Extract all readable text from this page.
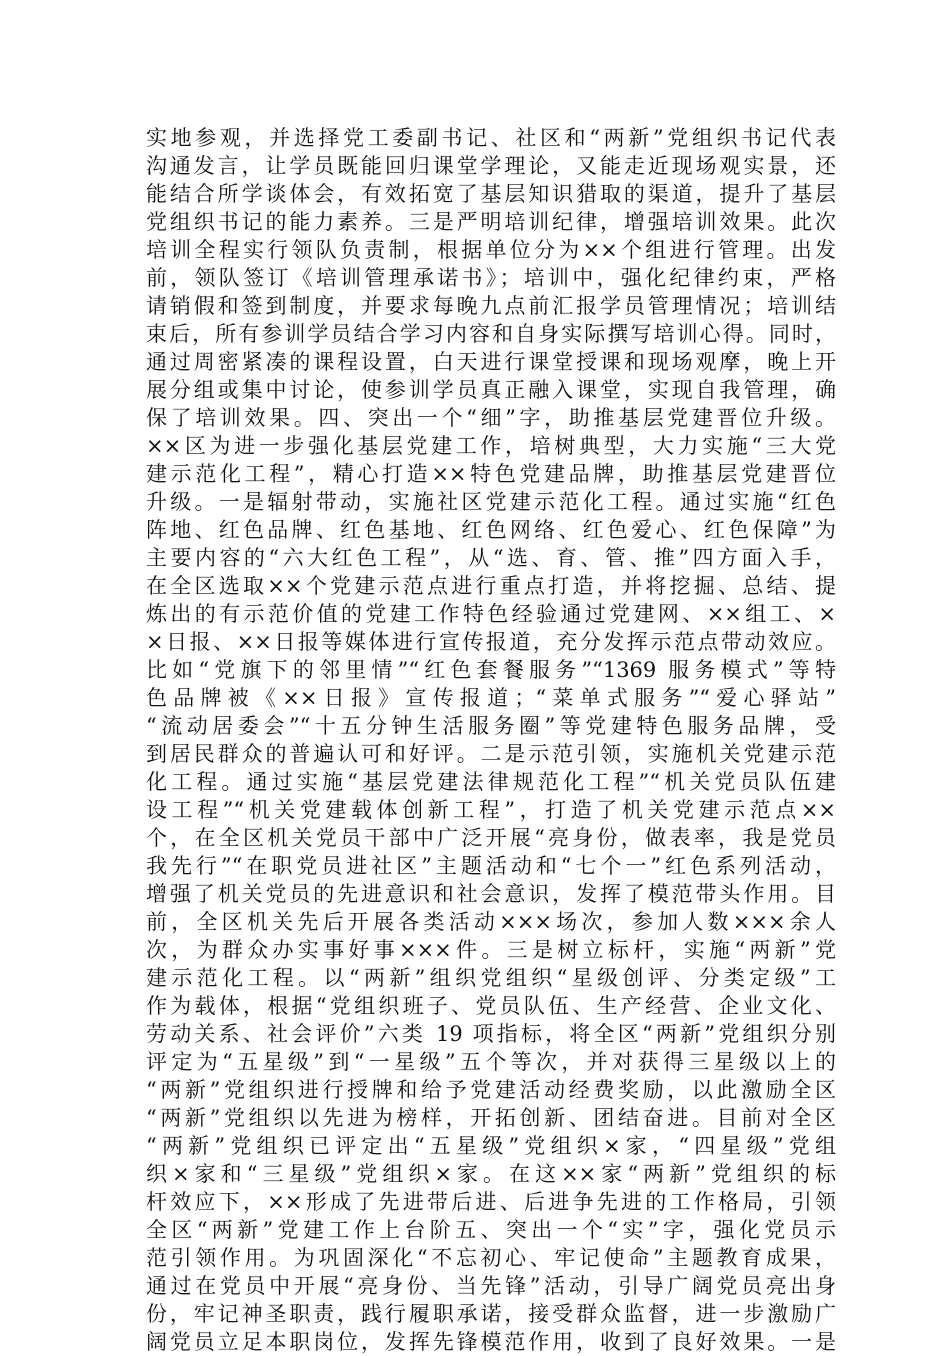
实地参观，并选择党工委副书记、社区和“两新”党组织书记代表
沟通发言，让学员既能回归课堂学理论，又能走近现场观实景，还
能结合所学谈体会，有效拓宽了基层知识猎取的渠道，提升了基层
党组织书记的能力素养。三是严明培训纪律，增强培训效果。此次
培训全程实行领队负责制，根据单位分为××个组进行管理。出发
前，领队签订《培训管理承诺书》；培训中，强化纪律约束，严格
请销假和签到制度，并要求每晚九点前汇报学员管理情况；培训结
束后，所有参训学员结合学习内容和自身实际撰写培训心得。同时，
通过周密紧凑的课程设置，白天进行课堂授课和现场观摩，晚上开
展分组或集中讨论，使参训学员真正融入课堂，实现自我管理，确
保了培训效果。四、突出一个“细”字，助推基层党建晋位升级。
××区为进一步强化基层党建工作，培树典型，大力实施“三大党
建示范化工程”，精心打造××特色党建品牌，助推基层党建晋位
升级。一是辐射带动，实施社区党建示范化工程。通过实施“红色
阵地、红色品牌、红色基地、红色网络、红色爱心、红色保障”为
主要内容的“六大红色工程”，从“选、育、管、推”四方面入手，
在全区选取××个党建示范点进行重点打造，并将挖掘、总结、提
炼出的有示范价值的党建工作特色经验通过党建网、××组工、×
×日报、××日报等媒体进行宣传报道，充分发挥示范点带动效应。
比如“党旗下的邻里情”“红色套餐服务”“1369 服务模式”等特
色品牌被《××日报》宣传报道；“菜单式服务”“爱心驿站”
“流动居委会”“十五分钟生活服务圈”等党建特色服务品牌，受
到居民群众的普遍认可和好评。二是示范引领，实施机关党建示范
化工程。通过实施“基层党建法律规范化工程”“机关党员队伍建
设工程”“机关党建载体创新工程”，打造了机关党建示范点××
个，在全区机关党员干部中广泛开展“亮身份，做表率，我是党员
我先行”“在职党员进社区”主题活动和“七个一”红色系列活动，
增强了机关党员的先进意识和社会意识，发挥了模范带头作用。目
前，全区机关先后开展各类活动×××场次，参加人数×××余人
次，为群众办实事好事×××件。三是树立标杆，实施“两新”党
建示范化工程。以“两新”组织党组织“星级创评、分类定级”工
作为载体，根据“党组织班子、党员队伍、生产经营、企业文化、
劳动关系、社会评价”六类 19 项指标，将全区“两新”党组织分别
评定为“五星级”到“一星级”五个等次，并对获得三星级以上的
“两新”党组织进行授牌和给予党建活动经费奖励，以此激励全区
“两新”党组织以先进为榜样，开拓创新、团结奋进。目前对全区
“两新”党组织已评定出“五星级”党组织×家，“四星级”党组
织×家和“三星级”党组织×家。在这××家“两新”党组织的标
杆效应下，××形成了先进带后进、后进争先进的工作格局，引领
全区“两新”党建工作上台阶五、突出一个“实”字，强化党员示
范引领作用。为巩固深化“不忘初心、牢记使命”主题教育成果，
通过在党员中开展“亮身份、当先锋”活动，引导广阔党员亮出身
份，牢记神圣职责，践行履职承诺，接受群众监督，进一步激励广
阔党员立足本职岗位，发挥先锋模范作用，收到了良好效果。一是
